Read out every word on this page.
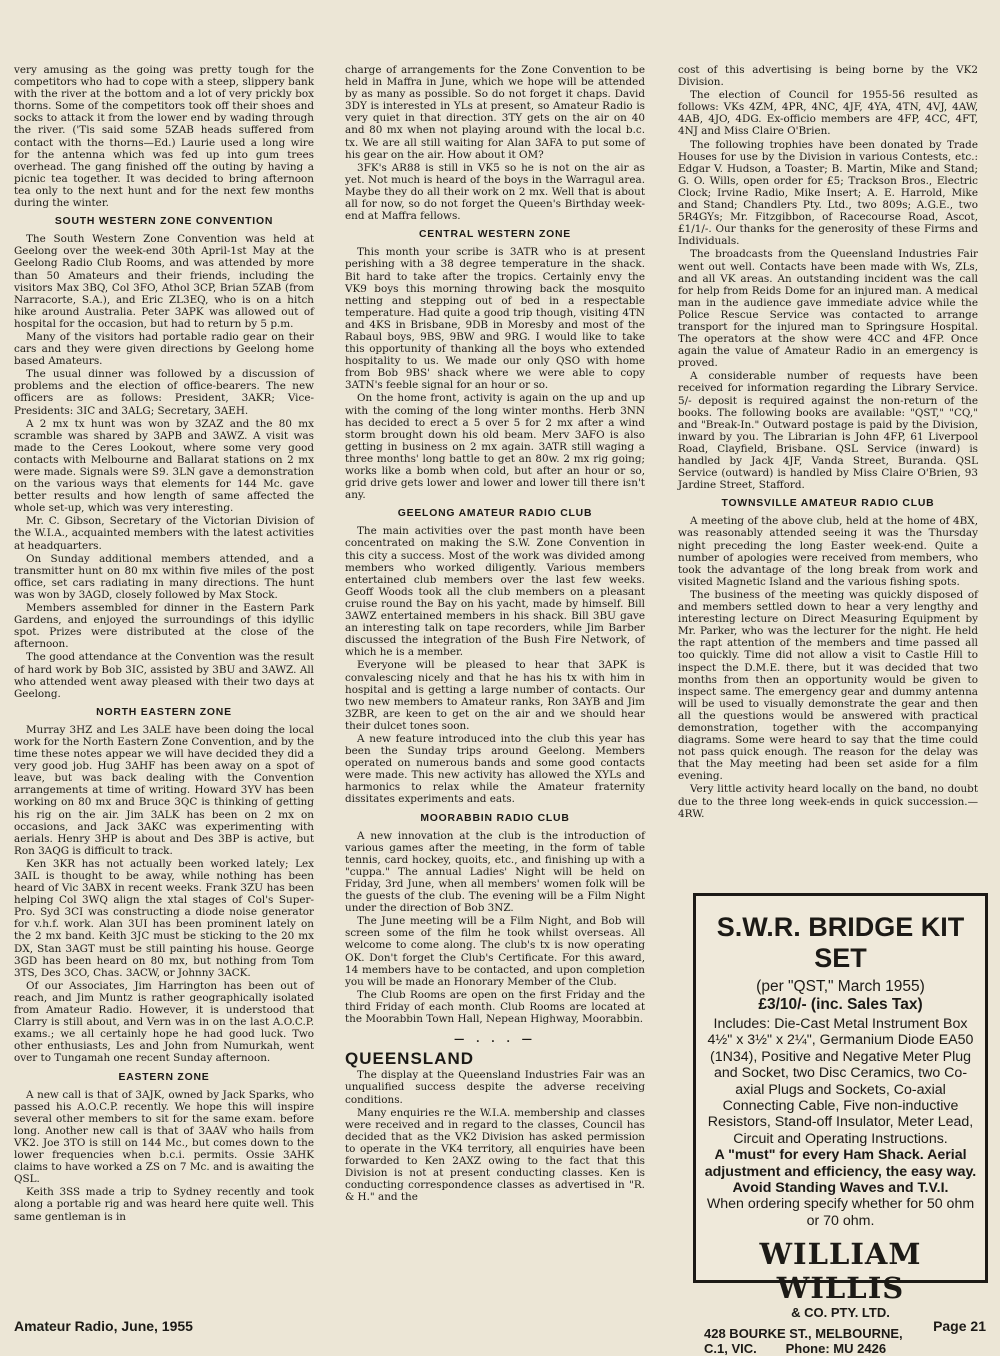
very amusing as the going was pretty tough for the competitors who had to cope with a steep, slippery bank with the river at the bottom and a lot of very prickly box thorns. Some of the competitors took off their shoes and socks to attack it from the lower end by wading through the river. ('Tis said some 5ZAB heads suffered from contact with the thorns—Ed.) Laurie used a long wire for the antenna which was fed up into gum trees overhead. The gang finished off the outing by having a picnic tea together. It was decided to bring afternoon tea only to the next hunt and for the next few months during the winter.

SOUTH WESTERN ZONE CONVENTION

The South Western Zone Convention was held at Geelong over the week-end 30th April-1st May at the Geelong Radio Club Rooms, and was attended by more than 50 Amateurs and their friends, including the visitors Max 3BQ, Col 3FO, Athol 3CP, Brian 5ZAB (from Narracorte, S.A.), and Eric ZL3EQ, who is on a hitch hike around Australia. Peter 3APK was allowed out of hospital for the occasion, but had to return by 5 p.m.

Many of the visitors had portable radio gear on their cars and they were given directions by Geelong home based Amateurs.

The usual dinner was followed by a discussion of problems and the election of office-bearers. The new officers are as follows: President, 3AKR; Vice-Presidents: 3IC and 3ALG; Secretary, 3AEH.

A 2 mx tx hunt was won by 3ZAZ and the 80 mx scramble was shared by 3APB and 3AWZ. A visit was made to the Ceres Lookout, where some very good contacts with Melbourne and Ballarat stations on 2 mx were made. Signals were S9. 3LN gave a demonstration on the various ways that elements for 144 Mc. gave better results and how length of same affected the whole set-up, which was very interesting.

Mr. C. Gibson, Secretary of the Victorian Division of the W.I.A., acquainted members with the latest activities at headquarters.

On Sunday additional members attended, and a transmitter hunt on 80 mx within five miles of the post office, set cars radiating in many directions. The hunt was won by 3AGD, closely followed by Max Stock.

Members assembled for dinner in the Eastern Park Gardens, and enjoyed the surroundings of this idyllic spot. Prizes were distributed at the close of the afternoon.

The good attendance at the Convention was the result of hard work by Bob 3IC, assisted by 3BU and 3AWZ. All who attended went away pleased with their two days at Geelong.

NORTH EASTERN ZONE

Murray 3HZ and Les 3ALE have been doing the local work for the North Eastern Zone Convention, and by the time these notes appear we will have decided they did a very good job. Hug 3AHF has been away on a spot of leave, but was back dealing with the Convention arrangements at time of writing. Howard 3YV has been working on 80 mx and Bruce 3QC is thinking of getting his rig on the air. Jim 3ALK has been on 2 mx on occasions, and Jack 3AKC was experimenting with aerials. Henry 3HP is about and Des 3BP is active, but Ron 3AQG is difficult to track.

Ken 3KR has not actually been worked lately; Lex 3AIL is thought to be away, while nothing has been heard of Vic 3ABX in recent weeks. Frank 3ZU has been helping Col 3WQ align the xtal stages of Col's Super-Pro. Syd 3CI was constructing a diode noise generator for v.h.f. work. Alan 3UI has been prominent lately on the 2 mx band. Keith 3JC must be sticking to the 20 mx DX, Stan 3AGT must be still painting his house. George 3GD has been heard on 80 mx, but nothing from Tom 3TS, Des 3CO, Chas. 3ACW, or Johnny 3ACK.

Of our Associates, Jim Harrington has been out of reach, and Jim Muntz is rather geographically isolated from Amateur Radio. However, it is understood that Clarry is still about, and Vern was in on the last A.O.C.P. exams.; we all certainly hope he had good luck. Two other enthusiasts, Les and John from Numurkah, went over to Tungamah one recent Sunday afternoon.

EASTERN ZONE

A new call is that of 3AJK, owned by Jack Sparks, who passed his A.O.C.P. recently. We hope this will inspire several other members to sit for the same exam. before long. Another new call is that of 3AAV who hails from VK2. Joe 3TO is still on 144 Mc., but comes down to the lower frequencies when b.c.i. permits. Ossie 3AHK claims to have worked a ZS on 7 Mc. and is awaiting the QSL.

Keith 3SS made a trip to Sydney recently and took along a portable rig and was heard here quite well. This same gentleman is in

charge of arrangements for the Zone Convention to be held in Maffra in June, which we hope will be attended by as many as possible. So do not forget it chaps. David 3DY is interested in YLs at present, so Amateur Radio is very quiet in that direction. 3TY gets on the air on 40 and 80 mx when not playing around with the local b.c. tx. We are all still waiting for Alan 3AFA to put some of his gear on the air. How about it OM?

3FK's AR88 is still in VK5 so he is not on the air as yet. Not much is heard of the boys in the Warragul area. Maybe they do all their work on 2 mx. Well that is about all for now, so do not forget the Queen's Birthday week-end at Maffra fellows.

CENTRAL WESTERN ZONE

This month your scribe is 3ATR who is at present perishing with a 38 degree temperature in the shack. Bit hard to take after the tropics. Certainly envy the VK9 boys this morning throwing back the mosquito netting and stepping out of bed in a respectable temperature. Had quite a good trip though, visiting 4TN and 4KS in Brisbane, 9DB in Moresby and most of the Rabaul boys, 9BS, 9BW and 9RG. I would like to take this opportunity of thanking all the boys who extended hospitality to us. We made our only QSO with home from Bob 9BS' shack where we were able to copy 3ATN's feeble signal for an hour or so.

On the home front, activity is again on the up and up with the coming of the long winter months. Herb 3NN has decided to erect a 5 over 5 for 2 mx after a wind storm brought down his old beam. Merv 3AFO is also getting in business on 2 mx again. 3ATR still waging a three months' long battle to get an 80w. 2 mx rig going; works like a bomb when cold, but after an hour or so, grid drive gets lower and lower and lower till there isn't any.

GEELONG AMATEUR RADIO CLUB

The main activities over the past month have been concentrated on making the S.W. Zone Convention in this city a success. Most of the work was divided among members who worked diligently. Various members entertained club members over the last few weeks. Geoff Woods took all the club members on a pleasant cruise round the Bay on his yacht, made by himself. Bill 3AWZ entertained members in his shack. Bill 3BU gave an interesting talk on tape recorders, while Jim Barber discussed the integration of the Bush Fire Network, of which he is a member.

Everyone will be pleased to hear that 3APK is convalescing nicely and that he has his tx with him in hospital and is getting a large number of contacts. Our two new members to Amateur ranks, Ron 3AYB and Jim 3ZBR, are keen to get on the air and we should hear their dulcet tones soon.

A new feature introduced into the club this year has been the Sunday trips around Geelong. Members operated on numerous bands and some good contacts were made. This new activity has allowed the XYLs and harmonics to relax while the Amateur fraternity dissitates experiments and eats.

MOORABBIN RADIO CLUB

A new innovation at the club is the introduction of various games after the meeting, in the form of table tennis, card hockey, quoits, etc., and finishing up with a "cuppa." The annual Ladies' Night will be held on Friday, 3rd June, when all members' women folk will be the guests of the club. The evening will be a Film Night under the direction of Bob 3NZ.

The June meeting will be a Film Night, and Bob will screen some of the film he took whilst overseas. All welcome to come along. The club's tx is now operating OK. Don't forget the Club's Certificate. For this award, 14 members have to be contacted, and upon completion you will be made an Honorary Member of the Club.

The Club Rooms are open on the first Friday and the third Friday of each month. Club Rooms are located at the Moorabbin Town Hall, Nepean Highway, Moorabbin.

— . . . —
QUEENSLAND

The display at the Queensland Industries Fair was an unqualified success despite the adverse receiving conditions.

Many enquiries re the W.I.A. membership and classes were received and in regard to the classes, Council has decided that as the VK2 Division has asked permission to operate in the VK4 territory, all enquiries have been forwarded to Ken 2AXZ owing to the fact that this Division is not at present conducting classes. Ken is conducting correspondence classes as advertised in "R. & H." and the

cost of this advertising is being borne by the VK2 Division.

The election of Council for 1955-56 resulted as follows: VKs 4ZM, 4PR, 4NC, 4JF, 4YA, 4TN, 4VJ, 4AW, 4AB, 4JO, 4DG. Ex-officio members are 4FP, 4CC, 4FT, 4NJ and Miss Claire O'Brien.

The following trophies have been donated by Trade Houses for use by the Division in various Contests, etc.: Edgar V. Hudson, a Toaster; B. Martin, Mike and Stand; G. O. Wills, open order for £5; Trackson Bros., Electric Clock; Irvine Radio, Mike Insert; A. E. Harrold, Mike and Stand; Chandlers Pty. Ltd., two 809s; A.G.E., two 5R4GYs; Mr. Fitzgibbon, of Racecourse Road, Ascot, £1/1/-. Our thanks for the generosity of these Firms and Individuals.

The broadcasts from the Queensland Industries Fair went out well. Contacts have been made with Ws, ZLs, and all VK areas. An outstanding incident was the call for help from Reids Dome for an injured man. A medical man in the audience gave immediate advice while the Police Rescue Service was contacted to arrange transport for the injured man to Springsure Hospital. The operators at the show were 4CC and 4FP. Once again the value of Amateur Radio in an emergency is proved.

A considerable number of requests have been received for information regarding the Library Service. 5/- deposit is required against the non-return of the books. The following books are available: "QST," "CQ," and "Break-In." Outward postage is paid by the Division, inward by you. The Librarian is John 4FP, 61 Liverpool Road, Clayfield, Brisbane. QSL Service (inward) is handled by Jack 4JF, Vanda Street, Buranda. QSL Service (outward) is handled by Miss Claire O'Brien, 93 Jardine Street, Stafford.

TOWNSVILLE AMATEUR RADIO CLUB

A meeting of the above club, held at the home of 4BX, was reasonably attended seeing it was the Thursday night preceding the long Easter week-end. Quite a number of apologies were received from members, who took the advantage of the long break from work and visited Magnetic Island and the various fishing spots.

The business of the meeting was quickly disposed of and members settled down to hear a very lengthy and interesting lecture on Direct Measuring Equipment by Mr. Parker, who was the lecturer for the night. He held the rapt attention of the members and time passed all too quickly. Time did not allow a visit to Castle Hill to inspect the D.M.E. there, but it was decided that two months from then an opportunity would be given to inspect same. The emergency gear and dummy antenna will be used to visually demonstrate the gear and then all the questions would be answered with practical demonstration, together with the accompanying diagrams. Some were heard to say that the time could not pass quick enough. The reason for the delay was that the May meeting had been set aside for a film evening.

Very little activity heard locally on the band, no doubt due to the three long week-ends in quick succession.—4RW.

S.W.R. BRIDGE KIT SET
(per "QST," March 1955)
£3/10/- (inc. Sales Tax)
Includes: Die-Cast Metal Instrument Box 4½" x 3½" x 2¼", Germanium Diode EA50 (1N34), Positive and Negative Meter Plug and Socket, two Disc Ceramics, two Co-axial Plugs and Sockets, Co-axial Connecting Cable, Five non-inductive Resistors, Stand-off Insulator, Meter Lead, Circuit and Operating Instructions.
A "must" for every Ham Shack. Aerial adjustment and efficiency, the easy way. Avoid Standing Waves and T.V.I.
When ordering specify whether for 50 ohm or 70 ohm.
WILLIAM WILLIS
& CO. PTY. LTD.
428 BOURKE ST., MELBOURNE,
C.1, VIC.        Phone: MU 2426
Amateur Radio, June, 1955	Page 21
